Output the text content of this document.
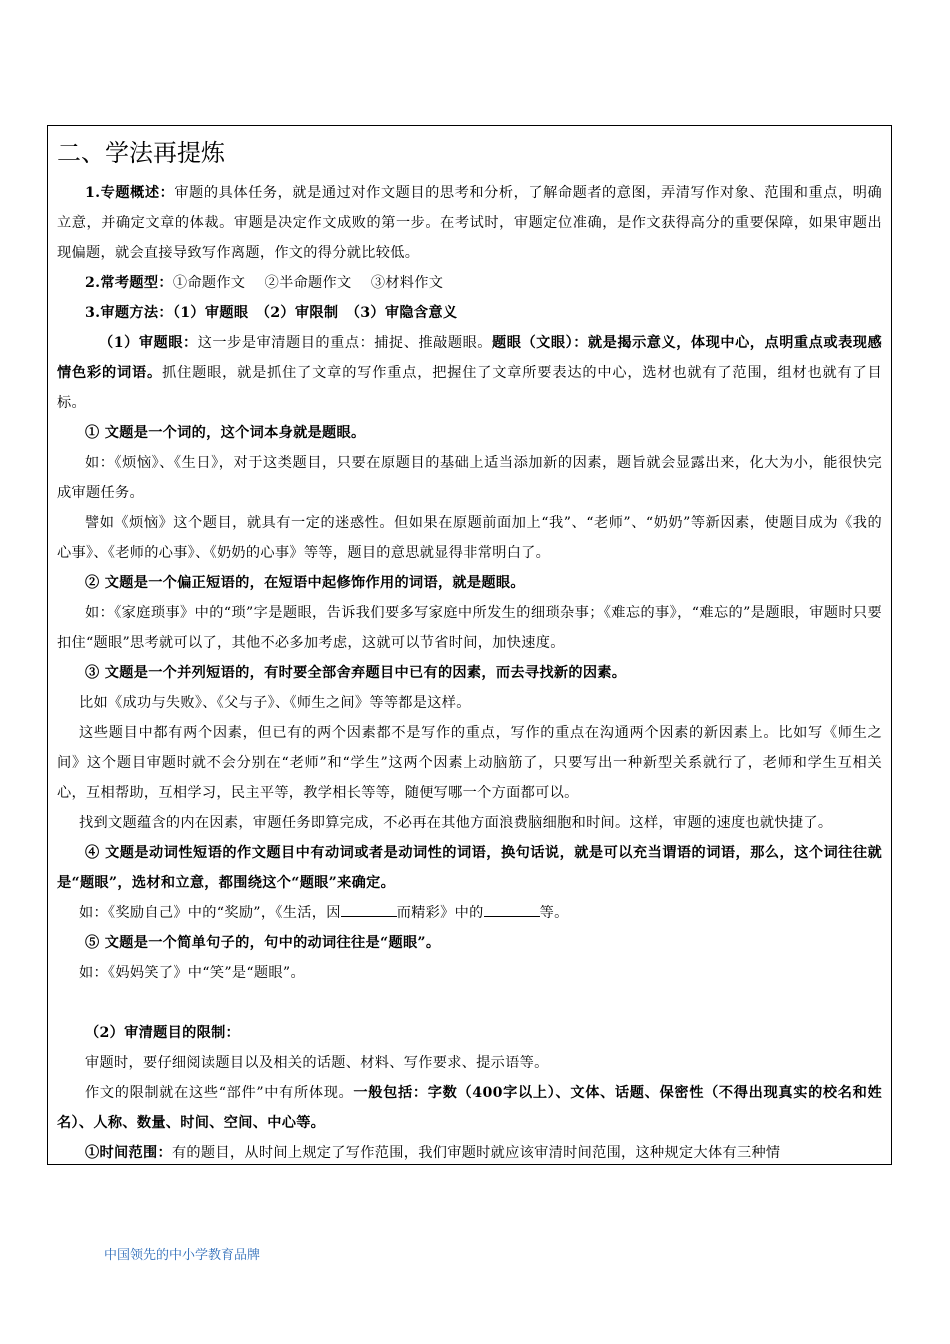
二、学法再提炼

1.专题概述：审题的具体任务，就是通过对作文题目的思考和分析，了解命题者的意图，弄清写作对象、范围和重点，明确立意，并确定文章的体裁。审题是决定作文成败的第一步。在考试时，审题定位准确，是作文获得高分的重要保障，如果审题出现偏题，就会直接导致写作离题，作文的得分就比较低。

2.常考题型：①命题作文　 ②半命题作文　 ③材料作文

3.审题方法：（1）审题眼　（2）审限制　（3）审隐含意义

（1）审题眼：这一步是审清题目的重点：捕捉、推敲题眼。题眼（文眼）：就是揭示意义，体现中心，点明重点或表现感情色彩的词语。抓住题眼，就是抓住了文章的写作重点，把握住了文章所要表达的中心，选材也就有了范围，组材也就有了目标。

① 文题是一个词的，这个词本身就是题眼。

如：《烦恼》、《生日》，对于这类题目，只要在原题目的基础上适当添加新的因素，题旨就会显露出来，化大为小，能很快完成审题任务。

譬如《烦恼》这个题目，就具有一定的迷惑性。但如果在原题前面加上“我”、“老师”、“奶奶”等新因素，使题目成为《我的心事》、《老师的心事》、《奶奶的心事》等等，题目的意思就显得非常明白了。

② 文题是一个偏正短语的，在短语中起修饰作用的词语，就是题眼。

如：《家庭琐事》中的“琐”字是题眼，告诉我们要多写家庭中所发生的细琐杂事；《难忘的事》，“难忘的”是题眼，审题时只要扣住“题眼”思考就可以了，其他不必多加考虑，这就可以节省时间，加快速度。

③ 文题是一个并列短语的，有时要全部舍弃题目中已有的因素，而去寻找新的因素。

比如《成功与失败》、《父与子》、《师生之间》等等都是这样。

这些题目中都有两个因素，但已有的两个因素都不是写作的重点，写作的重点在沟通两个因素的新因素上。比如写《师生之间》这个题目审题时就不会分别在“老师”和“学生”这两个因素上动脑筋了，只要写出一种新型关系就行了，老师和学生互相关心，互相帮助，互相学习，民主平等，教学相长等等，随便写哪一个方面都可以。

找到文题蕴含的内在因素，审题任务即算完成，不必再在其他方面浪费脑细胞和时间。这样，审题的速度也就快捷了。

④ 文题是动词性短语的作文题目中有动词或者是动词性的词语，换句话说，就是可以充当谓语的词语，那么，这个词往往就是“题眼”，选材和立意，都围绕这个“题眼”来确定。

如：《奖励自己》中的“奖励”，《生活，因	而精彩》中的	等。

⑤ 文题是一个简单句子的，句中的动词往往是“题眼”。

如：《妈妈笑了》中“笑”是“题眼”。

（2）审清题目的限制：

审题时，要仔细阅读题目以及相关的话题、材料、写作要求、提示语等。

作文的限制就在这些“部件”中有所体现。一般包括：字数（400字以上）、文体、话题、保密性（不得出现真实的校名和姓名）、人称、数量、时间、空间、中心等。

①时间范围：有的题目，从时间上规定了写作范围，我们审题时就应该审清时间范围，这种规定大体有三种情

中国领先的中小学教育品牌
